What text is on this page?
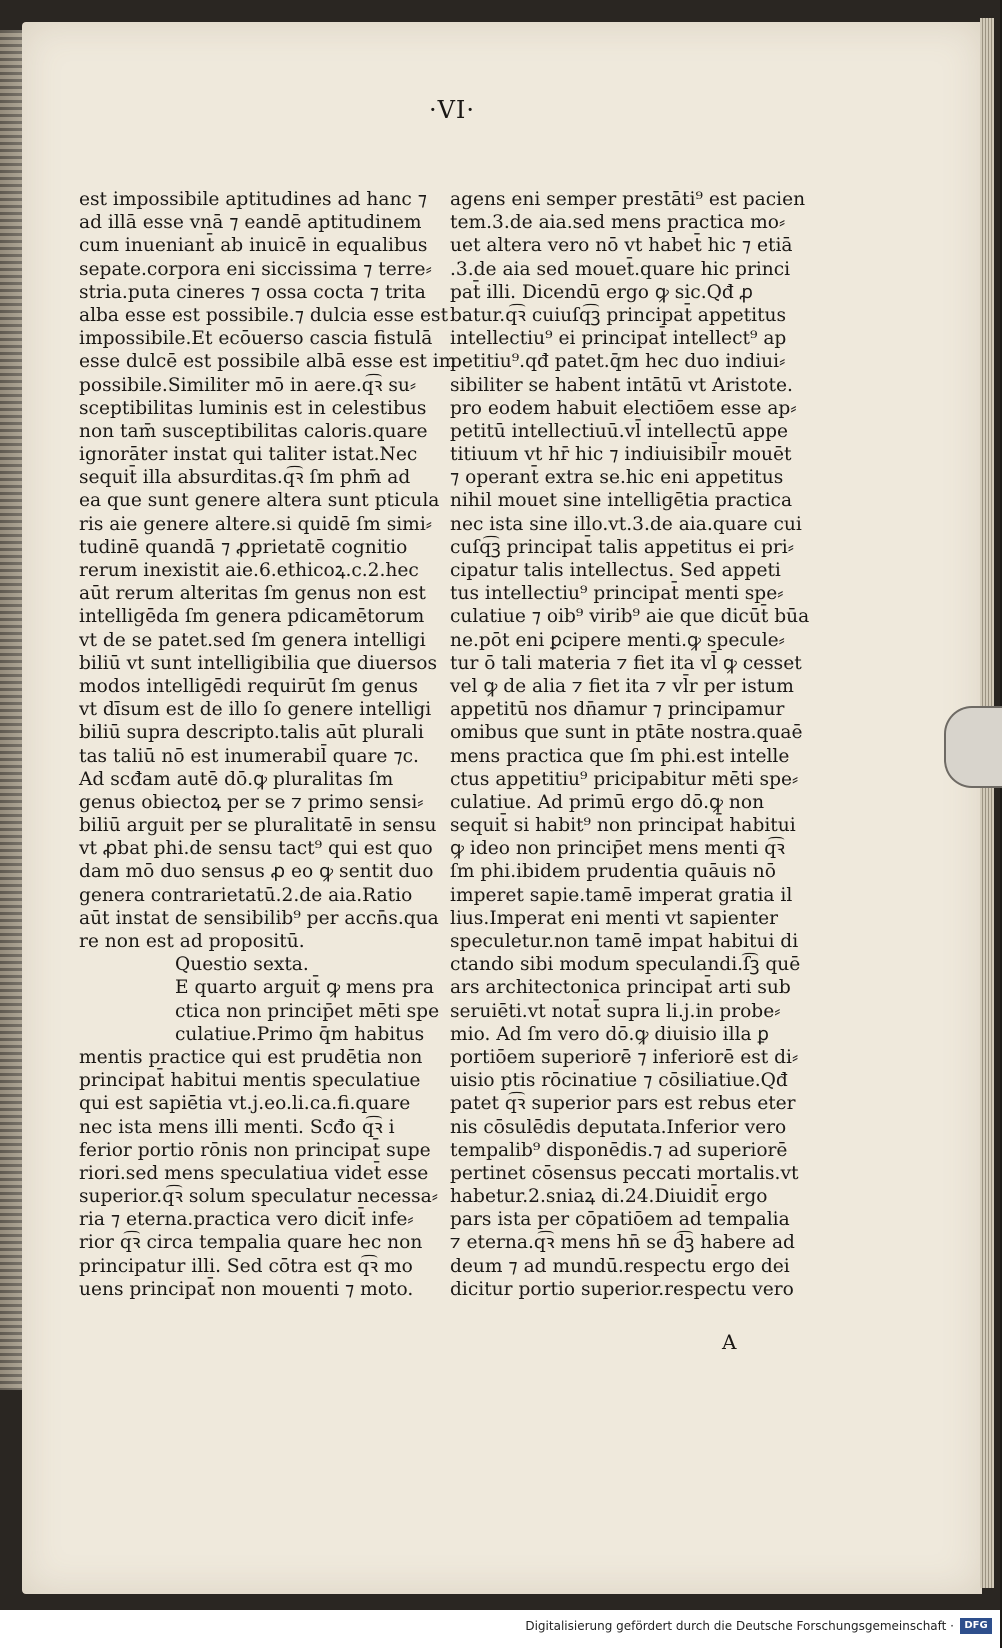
·VI·
est impossibile aptitudines ad hanc ⁊
ad illā esse vnā ⁊ eandē aptitudinem
cum inueniant̄ ab inuicē in equalibus
sepate.corpora eni siccissima ⁊ terre⸗
stria.puta cineres ⁊ ossa cocta ⁊ trita
alba esse est possibile.⁊ dulcia esse est
impossibile.Et ecōuerso cascia fistulā
esse dulcē est possibile albā esse est im
possibile.Similiter mō in aere.q͡ꝛ su⸗
sceptibilitas luminis est in celestibus
non tam̄ susceptibilitas caloris.quare
ignorāter instat qui taliter istat.Nec
sequit̄ illa absurditas.q͡ꝛ ſm phm̄ ad
ea que sunt genere altera sunt pticula
ris aie genere altere.si quidē ſm simi⸗
tudinē quandā ⁊ ꝓprietatē cognitio
rerum inexistit aie.6.ethicoꝝ.c.2.hec
aūt rerum alteritas ſm genus non est
intelligēda ſm genera pdicamētorum
vt de se patet.sed ſm genera intelligi
biliū vt sunt intelligibilia que diuersos
modos intelligēdi requirūt ſm genus
vt dīsum est de illo ſo genere intelligi
biliū supra descripto.talis aūt plurali
tas taliū nō est inumerabil̄ quare ⁊c.
Ad scđam autē dō.ꝙ pluralitas ſm
genus obiectoꝝ per se ⁊ primo sensi⸗
biliū arguit per se pluralitatē in sensu
vt ꝓbat phi.de sensu tact⁹ qui est quo
dam mō duo sensus ꝓ eo ꝙ sentit duo
genera contrarietatū.2.de aia.Ratio
aūt instat de sensibilib⁹ per accn̄s.qua
re non est ad propositū.
Questio sexta.
E quarto arguit̄ ꝙ mens pra
ctica non princip̄et mēti spe
culatiue.Primo q̄m habitus
mentis practice qui est prudētia non
principat̄ habitui mentis speculatiue
qui est sapiētia vt.j.eo.li.ca.fi.quare
nec ista mens illi menti. Scđo q͡ꝛ i
ferior portio rōnis non principat̄ supe
riori.sed mens speculatiua videt̄ esse
superior.q͡ꝛ solum speculatur necessa⸗
ria ⁊ eterna.practica vero dicit̄ infe⸗
rior q͡ꝛ circa tempalia quare hec non
principatur illi. Sed cōtra est q͡ꝛ mo
uens principat̄ non mouenti ⁊ moto.
agens eni semper prestāti⁹ est pacien
tem.3.de aia.sed mens practica mo⸗
uet altera vero nō vt habet̄ hic ⁊ etiā
.3.de aia sed mouet̄.quare hic princi
pat̄ illi. Dicendū ergo ꝙ sic.Qđ ꝓ
batur.q͡ꝛ cuiuſq͡ꝫ principat̄ appetitus
intellectiu⁹ ei principat̄ intellect⁹ ap
petitiu⁹.qđ patet.q̄m hec duo indiui⸗
sibiliter se habent intātū vt Aristote.
pro eodem habuit electiōem esse ap⸗
petitū intellectiuū.vl̄ intellectū appe
titiuum vt hr̄ hic ⁊ indiuisibil̄r mouēt
⁊ operant̄ extra se.hic eni appetitus
nihil mouet sine intelligētia practica
nec ista sine illo.vt.3.de aia.quare cui
cuſq͡ꝫ principat̄ talis appetitus ei pri⸗
cipatur talis intellectus. Sed appeti
tus intellectiu⁹ principat̄ menti spe⸗
culatiue ⁊ oib⁹ virib⁹ aie que dicūt̄ būa
ne.pōt eni ꝑcipere menti.ꝙ specule⸗
tur ō tali materia ⁊ fiet ita vl̄ ꝙ cesset
vel ꝙ de alia ⁊ fiet ita ⁊ vl̄r per istum
appetitū nos dn̄amur ⁊ principamur
omibus que sunt in ptāte nostra.quaē
mens practica que ſm phi.est intelle
ctus appetitiu⁹ pricipabitur mēti spe⸗
culatiue. Ad primū ergo dō.ꝙ non
sequit̄ si habit⁹ non principat̄ habitui
ꝙ ideo non princip̄et mens menti q͡ꝛ
ſm phi.ibidem prudentia quāuis nō
imperet sapie.tamē imperat gratia il
lius.Imperat eni menti vt sapienter
speculetur.non tamē impat habitui di
ctando sibi modum speculandi.ſ͡ꝫ quē
ars architectonica principat̄ arti sub
seruiēti.vt notat̄ supra li.j.in probe⸗
mio. Ad ſm vero dō.ꝙ diuisio illa ꝑ
portiōem superiorē ⁊ inferiorē est di⸗
uisio ptis rōcinatiue ⁊ cōsiliatiue.Qđ
patet q͡ꝛ superior pars est rebus eter
nis cōsulēdis deputata.Inferior vero
tempalib⁹ disponēdis.⁊ ad superiorē
pertinet cōsensus peccati mortalis.vt
habetur.2.sniaꝝ di.24.Diuidit̄ ergo
pars ista per cōpatiōem ad tempalia
⁊ eterna.q͡ꝛ mens hn̄ se d͡ꝫ habere ad
deum ⁊ ad mundū.respectu ergo dei
dicitur portio superior.respectu vero
A
Digitalisierung gefördert durch die Deutsche Forschungsgemeinschaft ·	DFG
